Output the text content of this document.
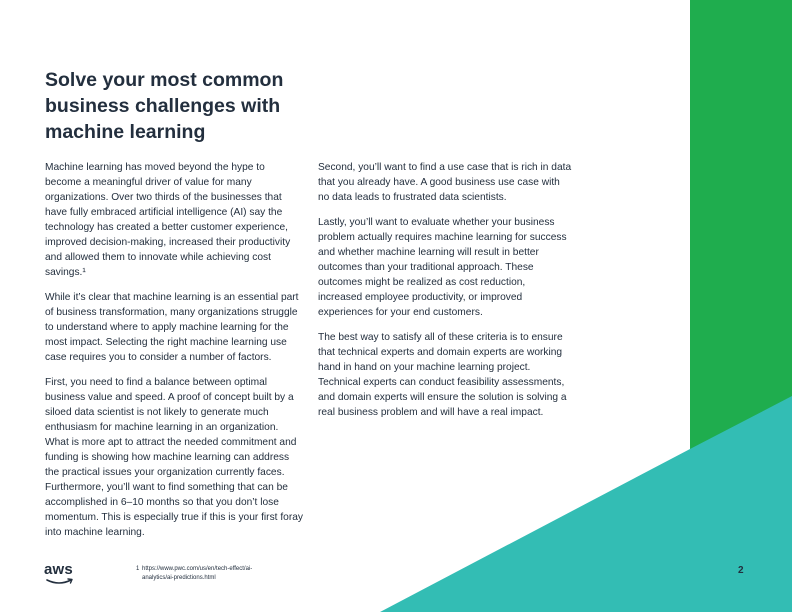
Solve your most common business challenges with machine learning

Machine learning has moved beyond the hype to become a meaningful driver of value for many organizations. Over two thirds of the businesses that have fully embraced artificial intelligence (AI) say the technology has created a better customer experience, improved decision-making, increased their productivity and allowed them to innovate while achieving cost savings.¹

While it’s clear that machine learning is an essential part of business transformation, many organizations struggle to understand where to apply machine learning for the most impact. Selecting the right machine learning use case requires you to consider a number of factors.

First, you need to find a balance between optimal business value and speed. A proof of concept built by a siloed data scientist is not likely to generate much enthusiasm for machine learning in an organization. What is more apt to attract the needed commitment and funding is showing how machine learning can address the practical issues your organization currently faces. Furthermore, you’ll want to find something that can be accomplished in 6–10 months so that you don’t lose momentum. This is especially true if this is your first foray into machine learning.

Second, you’ll want to find a use case that is rich in data that you already have. A good business use case with no data leads to frustrated data scientists.

Lastly, you’ll want to evaluate whether your business problem actually requires machine learning for success and whether machine learning will result in better outcomes than your traditional approach. These outcomes might be realized as cost reduction, increased employee productivity, or improved experiences for your end customers.

The best way to satisfy all of these criteria is to ensure that technical experts and domain experts are working hand in hand on your machine learning project. Technical experts can conduct feasibility assessments, and domain experts will ensure the solution is solving a real business problem and will have a real impact.

aws	1 https://www.pwc.com/us/en/tech-effect/ai-
analytics/ai-predictions.html
2
